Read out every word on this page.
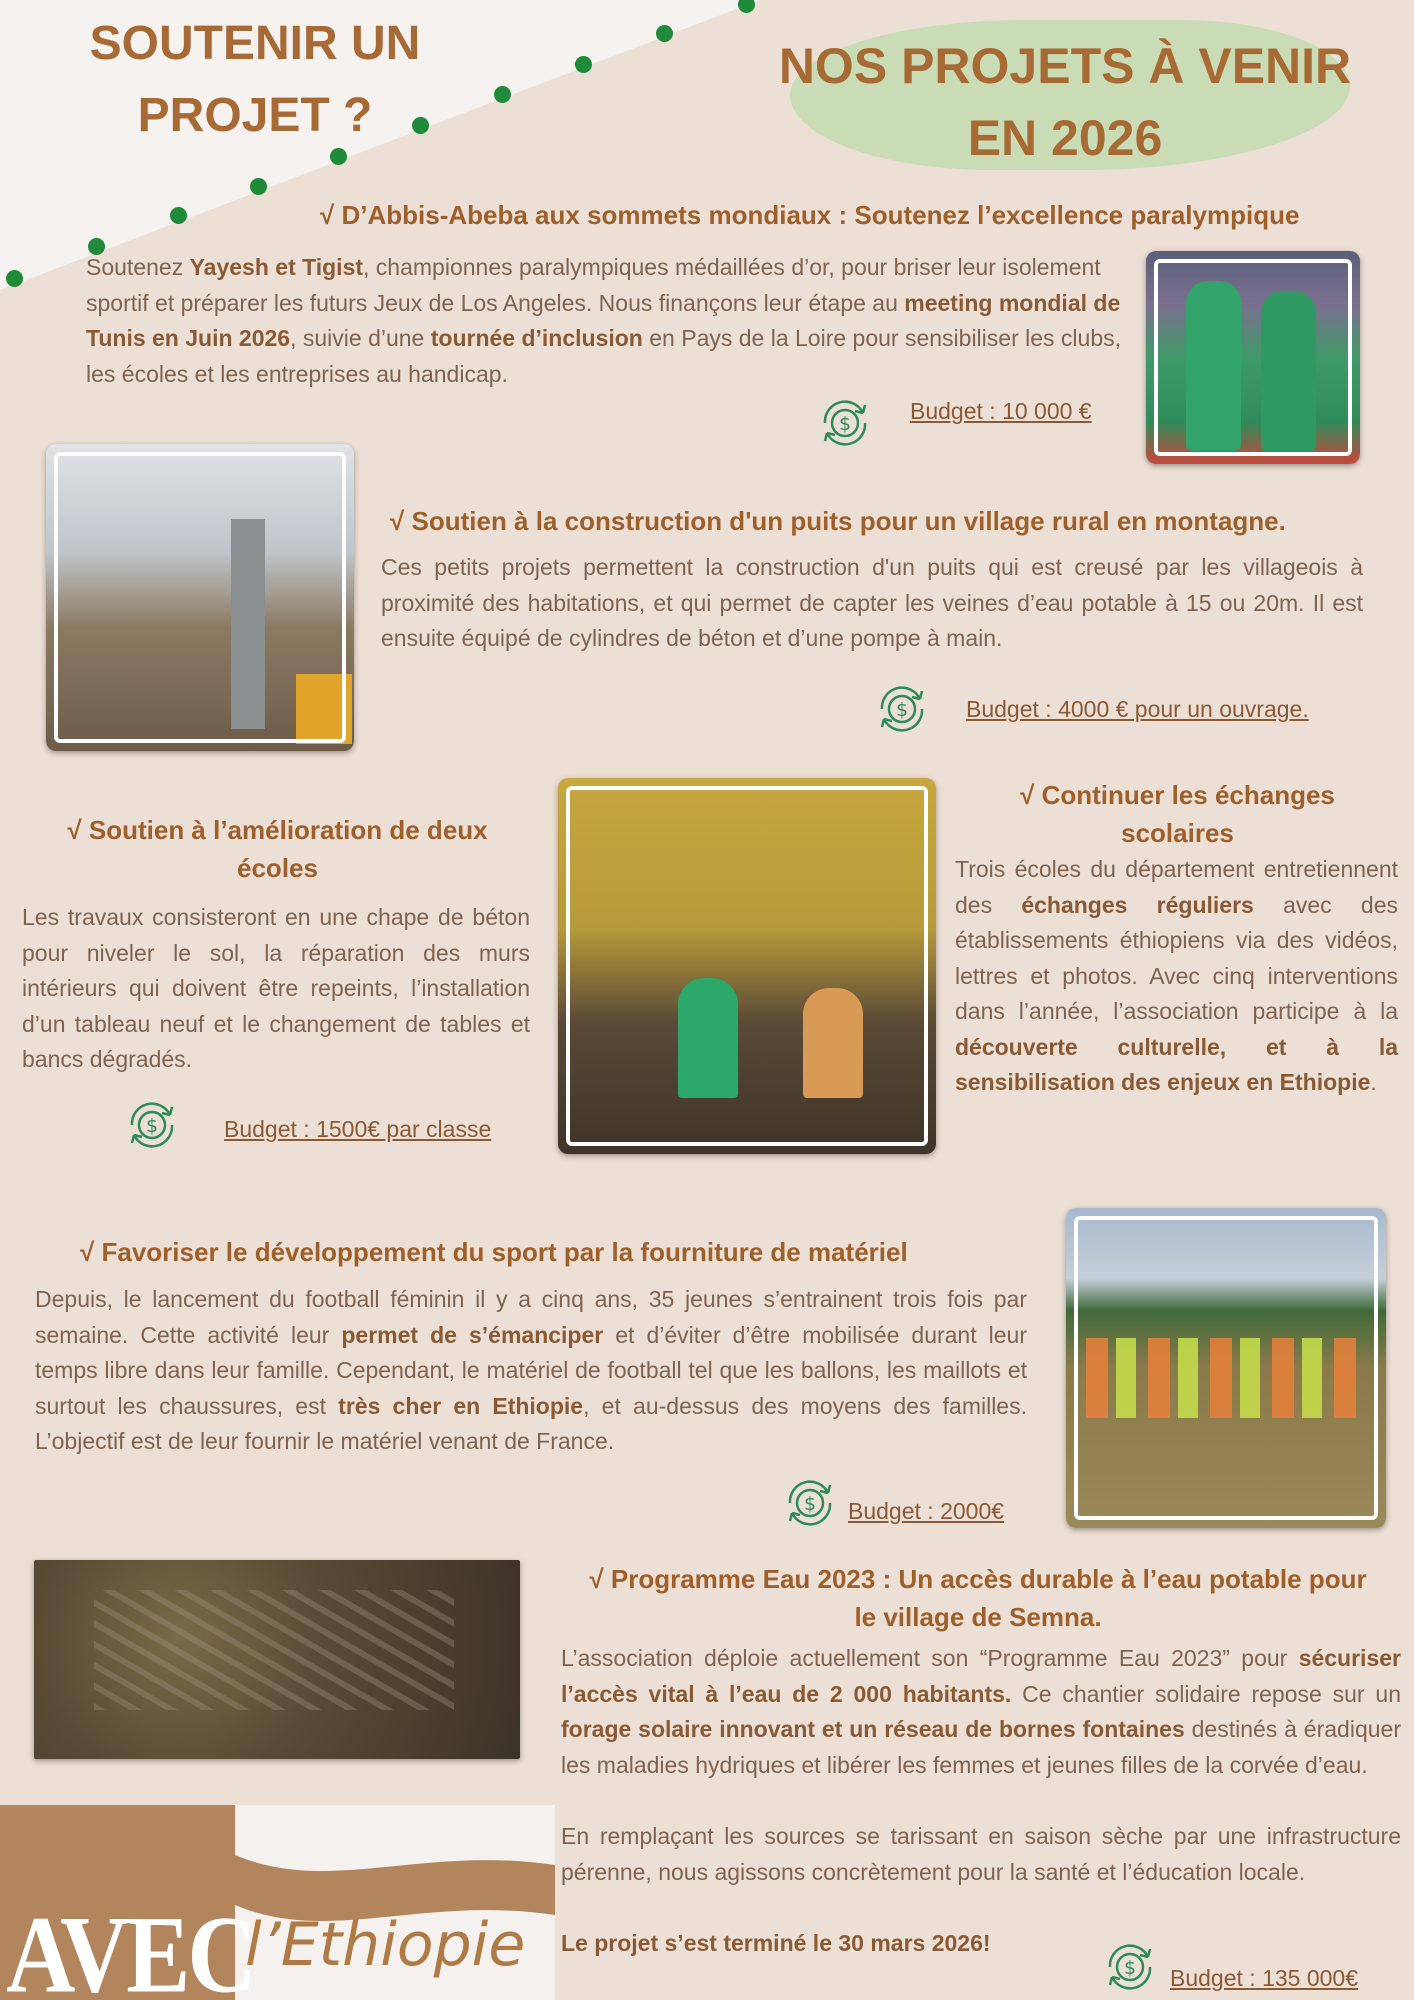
SOUTENIR UN
PROJET ?
NOS PROJETS À VENIR
EN 2026
√ D’Abbis-Abeba aux sommets mondiaux : Soutenez l’excellence paralympique
Soutenez Yayesh et Tigist, championnes paralympiques médaillées d’or, pour briser leur isolement sportif et préparer les futurs Jeux de Los Angeles. Nous finançons leur étape au meeting mondial de Tunis en Juin 2026, suivie d’une tournée d’inclusion en Pays de la Loire pour sensibiliser les clubs, les écoles et les entreprises au handicap.
$	Budget : 10 000 €
√ Soutien à la construction d'un puits pour un village rural en montagne.
Ces petits projets permettent la construction d'un puits qui est creusé par les villageois à proximité des habitations, et qui permet de capter les veines d’eau potable à 15 ou 20m. Il est ensuite équipé de cylindres de béton et d’une pompe à main.
$	Budget : 4000 € pour un ouvrage.
√ Soutien à l’amélioration de deux
écoles
Les travaux consisteront en une chape de béton pour niveler le sol, la réparation des murs intérieurs qui doivent être repeints, l’installation d’un tableau neuf et le changement de tables et bancs dégradés.
$	Budget : 1500€ par classe
√ Continuer les échanges
scolaires
Trois écoles du département entretiennent des échanges réguliers avec des établissements éthiopiens via des vidéos, lettres et photos. Avec cinq interventions dans l’année, l’association participe à la découverte culturelle, et à la sensibilisation des enjeux en Ethiopie.
√ Favoriser le développement du sport par la fourniture de matériel
Depuis, le lancement du football féminin il y a cinq ans, 35 jeunes s’entrainent trois fois par semaine. Cette activité leur permet de s’émanciper et d’éviter d’être mobilisée durant leur temps libre dans leur famille. Cependant, le matériel de football tel que les ballons, les maillots et surtout les chaussures, est très cher en Ethiopie, et au-dessus des moyens des familles. L’objectif est de leur fournir le matériel venant de France.
$ Budget : 2000€
√ Programme Eau 2023 : Un accès durable à l’eau potable pour
le village de Semna.
L’association déploie actuellement son “Programme Eau 2023” pour sécuriser l’accès vital à l’eau de 2 000 habitants. Ce chantier solidaire repose sur un forage solaire innovant et un réseau de bornes fontaines destinés à éradiquer les maladies hydriques et libérer les femmes et jeunes filles de la corvée d’eau.
En remplaçant les sources se tarissant en saison sèche par une infrastructure pérenne, nous agissons concrètement pour la santé et l’éducation locale.
Le projet s’est terminé le 30 mars 2026!
$ Budget : 135 000€
AVEC
l’Ethiopie
